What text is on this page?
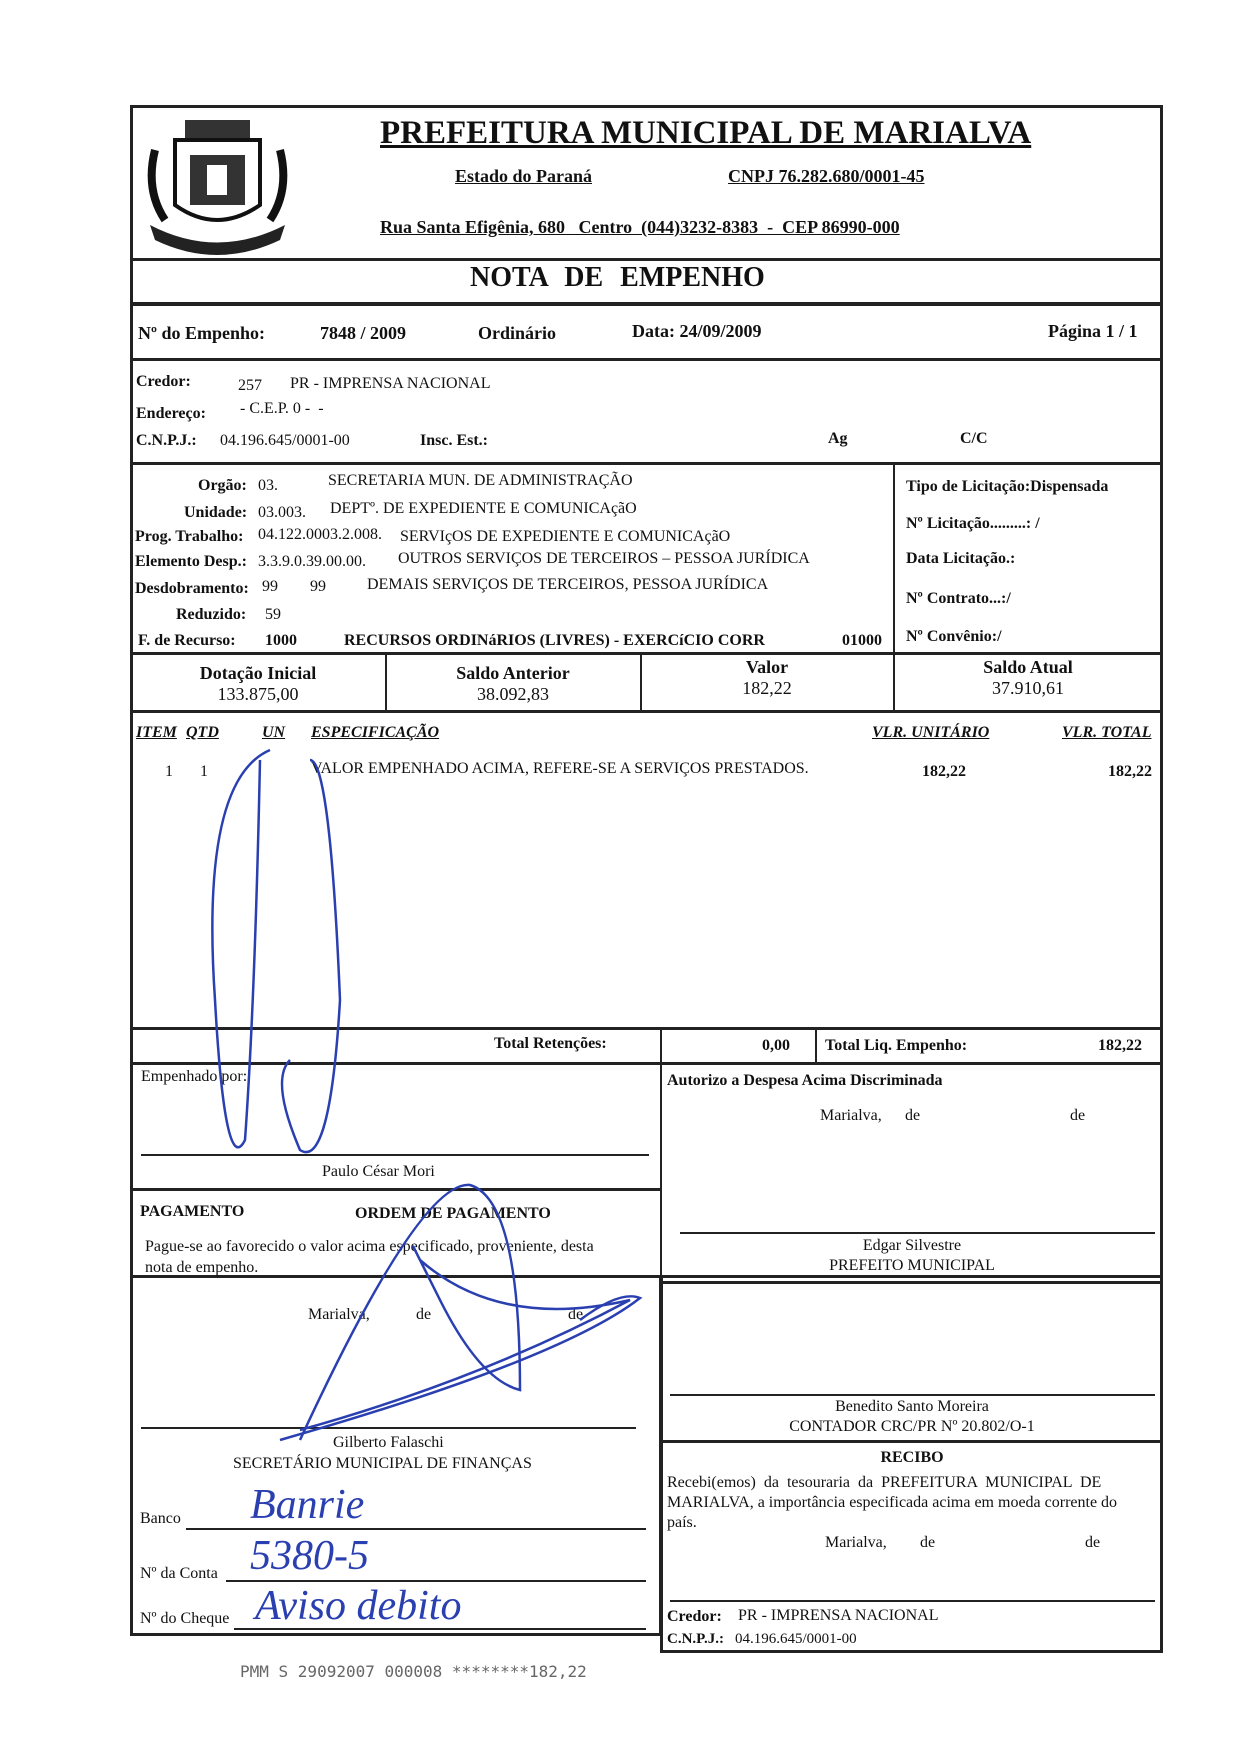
PREFEITURA MUNICIPAL DE MARIALVA
Estado do Paraná	CNPJ 76.282.680/0001-45
Rua Santa Efigênia, 680   Centro  (044)3232-8383  -  CEP 86990-000
NOTA DE EMPENHO
Nº do Empenho:	7848 / 2009	Ordinário	Data: 24/09/2009	Página 1 / 1
Credor:	257 PR - IMPRENSA NACIONAL
Endereço: - C.E.P. 0 -  -
C.N.P.J.: 04.196.645/0001-00	Insc. Est.:	Ag	C/C
Orgão: 03.	SECRETARIA MUN. DE ADMINISTRAÇÃO
Unidade: 03.003. DEPTº. DE EXPEDIENTE E COMUNICAçãO
Prog. Trabalho: 04.122.0003.2.008. SERVIçOS DE EXPEDIENTE E COMUNICAçãO
Elemento Desp.: 3.3.9.0.39.00.00. OUTROS SERVIÇOS DE TERCEIROS – PESSOA JURÍDICA
Desdobramento: 99 99	DEMAIS SERVIÇOS DE TERCEIROS, PESSOA JURÍDICA
Reduzido: 59
F. de Recurso: 1000	RECURSOS ORDINáRIOS (LIVRES) - EXERCíCIO CORR	01000
Tipo de Licitação:Dispensada
Nº Licitação.........: /
Data Licitação.:
Nº Contrato...:/
Nº Convênio:/
Dotação Inicial
133.875,00
Saldo Anterior
38.092,83
Valor
182,22
Saldo Atual
37.910,61
ITEM QTD	UN ESPECIFICAÇÃO	VLR. UNITÁRIO	VLR. TOTAL
1 1	VALOR EMPENHADO ACIMA, REFERE-SE A SERVIÇOS PRESTADOS.	182,22	182,22
Total Retenções:	0,00 Total Liq. Empenho:	182,22
Empenhado por:
Paulo César Mori
PAGAMENTO	ORDEM DE PAGAMENTO
Pague-se ao favorecido o valor acima especificado, proveniente, desta
nota de empenho.
Marialva,	de	de
Gilberto Falaschi
SECRETÁRIO MUNICIPAL DE FINANÇAS
Banco Banrie
Nº da Conta 5380-5
Nº do Cheque Aviso debito
Autorizo a Despesa Acima Discriminada
Marialva, de	de
Edgar Silvestre
PREFEITO MUNICIPAL
Benedito Santo Moreira
CONTADOR CRC/PR Nº 20.802/O-1
RECIBO
Recebi(emos) da tesouraria da PREFEITURA MUNICIPAL DE
MARIALVA, a importância especificada acima em moeda corrente do
país.
Marialva, de	de
Credor: PR - IMPRENSA NACIONAL
C.N.P.J.: 04.196.645/0001-00
PMM S 29092007 000008 ********182,22
